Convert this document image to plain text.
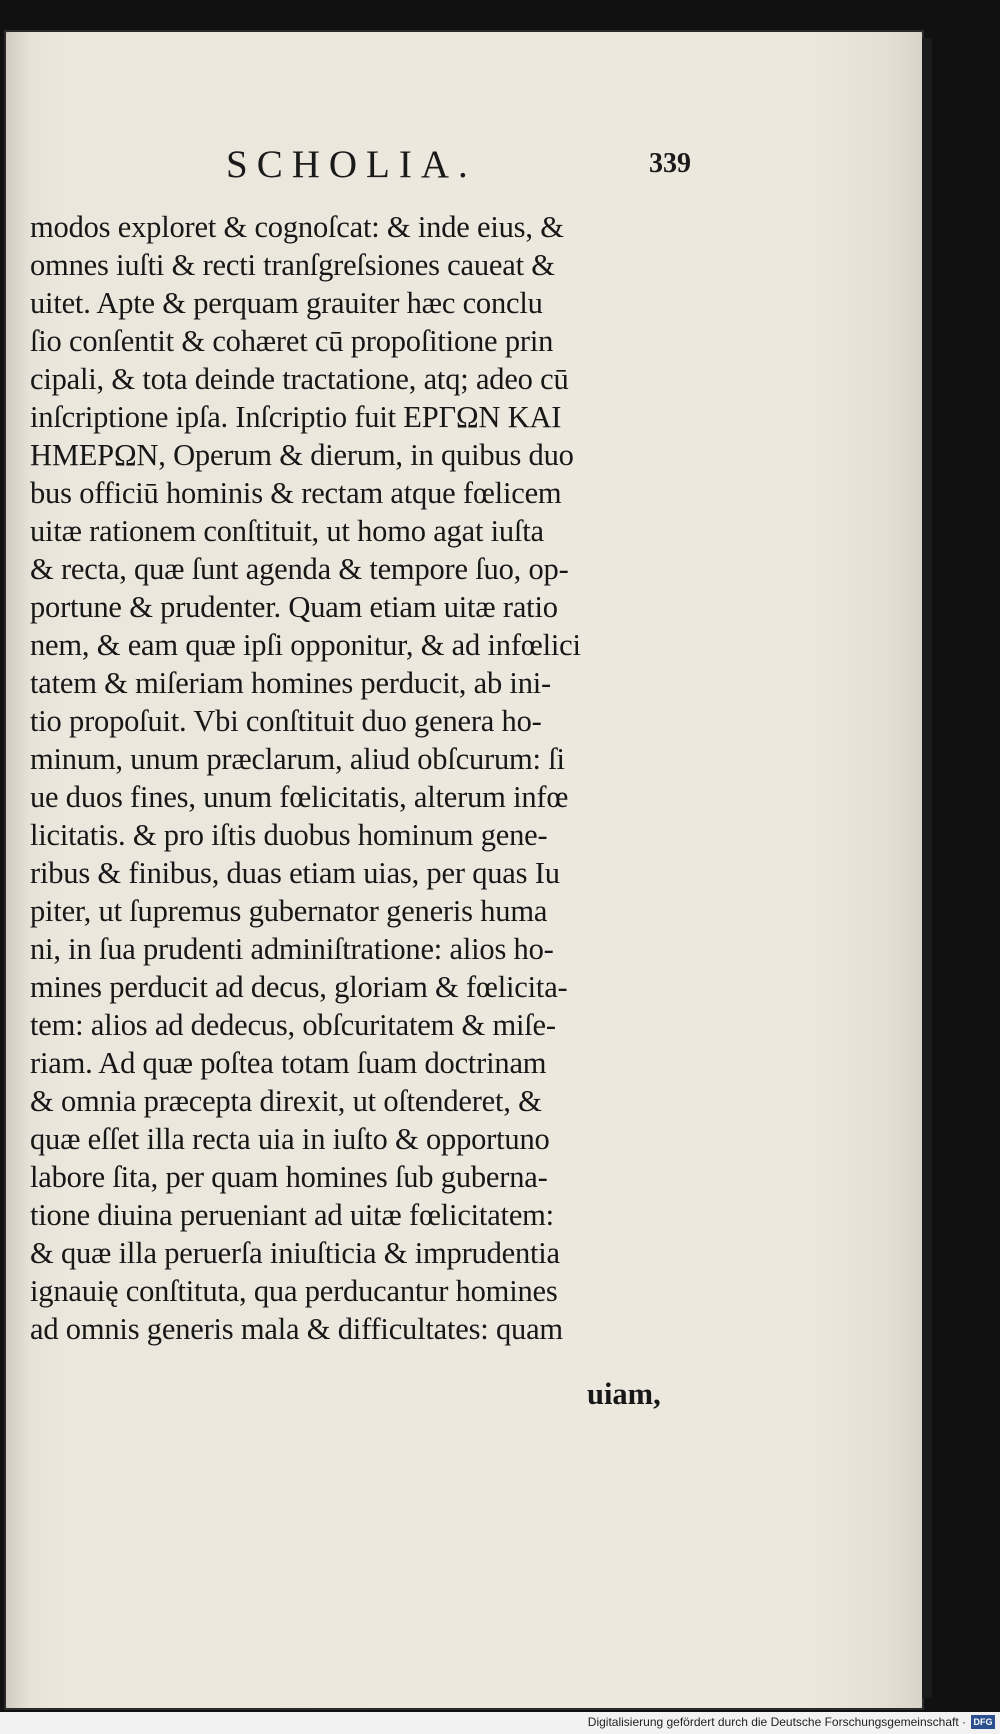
SCHOLIA.	339
modos exploret & cognoſcat: & inde eius, &
omnes iuſti & recti tranſgreſsiones caueat &
uitet. Apte & perquam grauiter hæc conclu
ſio conſentit & cohæret cū propoſitione prin
cipali, & tota deinde tractatione, atq; adeo cū
inſcriptione ipſa. Inſcriptio fuit ΕΡΓΩΝ ΚΑΙ
ΗΜΕΡΩΝ, Operum & dierum, in quibus duo
bus officiū hominis & rectam atque fœlicem
uitæ rationem conſtituit, ut homo agat iuſta
& recta, quæ ſunt agenda & tempore ſuo, op-
portune & prudenter. Quam etiam uitæ ratio
nem, & eam quæ ipſi opponitur, & ad infœlici
tatem & miſeriam homines perducit, ab ini-
tio propoſuit. Vbi conſtituit duo genera ho-
minum, unum præclarum, aliud obſcurum: ſi
ue duos fines, unum fœlicitatis, alterum infœ
licitatis. & pro iſtis duobus hominum gene-
ribus & finibus, duas etiam uias, per quas Iu
piter, ut ſupremus gubernator generis huma
ni, in ſua prudenti adminiſtratione: alios ho-
mines perducit ad decus, gloriam & fœlicita-
tem: alios ad dedecus, obſcuritatem & miſe-
riam. Ad quæ poſtea totam ſuam doctrinam
& omnia præcepta direxit, ut oſtenderet, &
quæ eſſet illa recta uia in iuſto & opportuno
labore ſita, per quam homines ſub guberna-
tione diuina perueniant ad uitæ fœlicitatem:
& quæ illa peruerſa iniuſticia & imprudentia
ignauię conſtituta, qua perducantur homines
ad omnis generis mala & difficultates: quam
uiam,
Digitalisierung gefördert durch die Deutsche Forschungsgemeinschaft · DFG
